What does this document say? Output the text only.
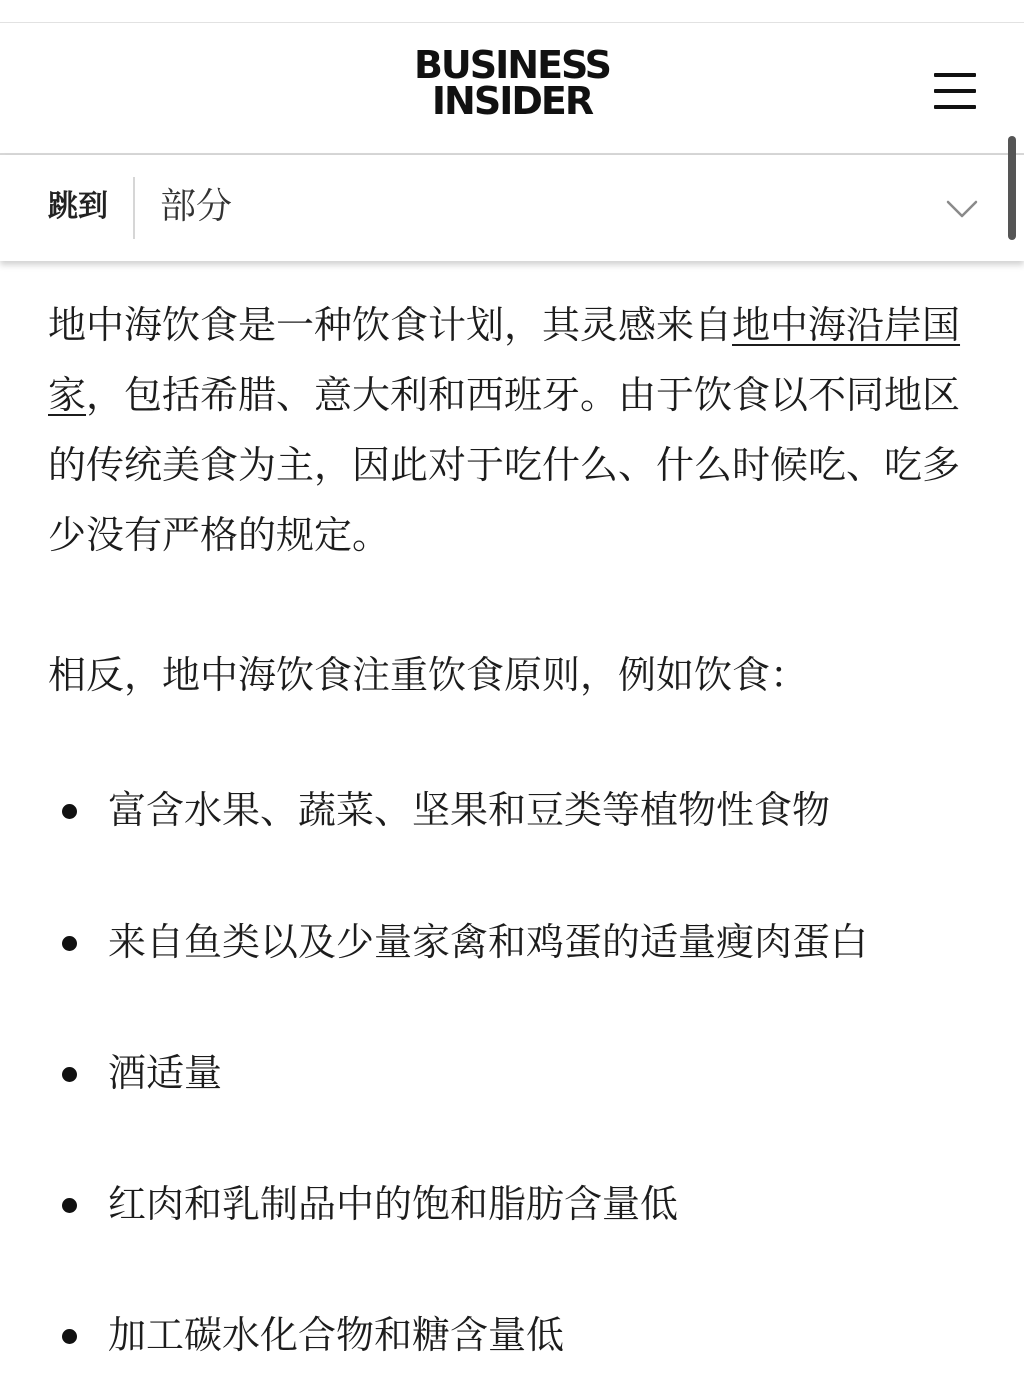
BUSINESS
INSIDER
跳到 部分

地中海饮食是一种饮食计划，其灵感来自地中海沿岸国家，包括希腊、意大利和西班牙。由于饮食以不同地区的传统美食为主，因此对于吃什么、什么时候吃、吃多少没有严格的规定。

相反，地中海饮食注重饮食原则，例如饮食：

富含水果、蔬菜、坚果和豆类等植物性食物
来自鱼类以及少量家禽和鸡蛋的适量瘦肉蛋白
酒适量
红肉和乳制品中的饱和脂肪含量低
加工碳水化合物和糖含量低
